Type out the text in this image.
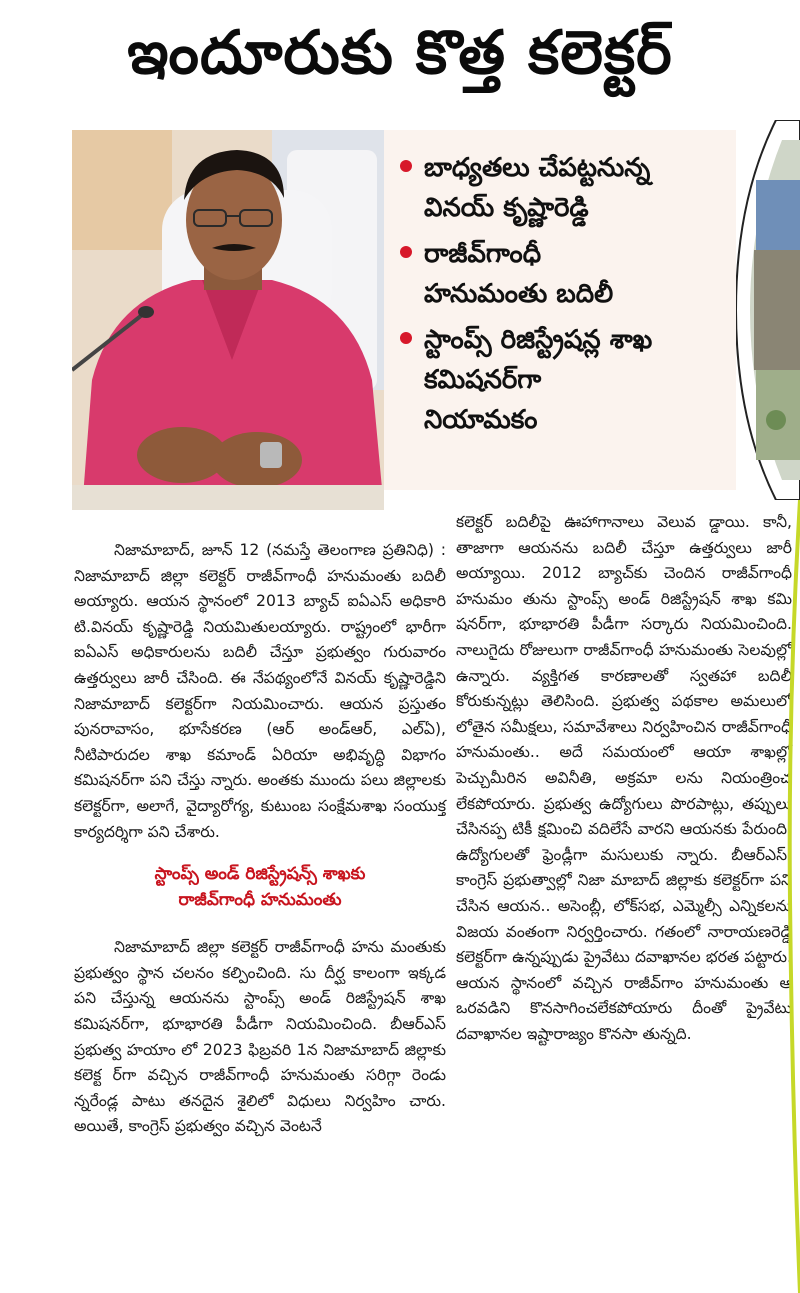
ఇందూరుకు కొత్త కలెక్టర్
బాధ్యతలు చేపట్టనున్న
వినయ్ కృష్ణారెడ్డి
రాజీవ్‌గాంధీ
హనుమంతు బదిలీ
స్టాంప్స్ రిజిస్ట్రేషన్ల శాఖ
కమిషనర్‌గా
నియామకం

నిజామాబాద్, జూన్ 12 (నమస్తే తెలంగాణ ప్రతినిధి) : నిజామాబాద్ జిల్లా కలెక్టర్ రాజీవ్‌గాంధీ హనుమంతు బదిలీ అయ్యారు. ఆయన స్థానంలో 2013 బ్యాచ్ ఐఏఎస్ అధికారి టి.వినయ్ కృష్ణారెడ్డి నియమితులయ్యారు. రాష్ట్రంలో భారీగా ఐఏఎస్ అధికారులను బదిలీ చేస్తూ ప్రభుత్వం గురువారం ఉత్తర్వులు జారీ చేసింది. ఈ నేపథ్యంలోనే వినయ్ కృష్ణారెడ్డిని నిజామాబాద్ కలెక్టర్‌గా నియమించారు. ఆయన ప్రస్తుతం పునరావాసం, భూసేకరణ (ఆర్ అండ్ఆర్, ఎల్ఏ), నీటిపారుదల శాఖ కమాండ్ ఏరియా అభివృద్ధి విభాగం కమిషనర్‌గా పని చేస్తు న్నారు. అంతకు ముందు పలు జిల్లాలకు కలెక్టర్‌గా, అలాగే, వైద్యారోగ్య, కుటుంబ సంక్షేమశాఖ సంయుక్త కార్యదర్శిగా పని చేశారు.

స్టాంప్స్ అండ్ రిజిస్ట్రేషన్స్ శాఖకు
రాజీవ్‌గాంధీ హనుమంతు

నిజామాబాద్ జిల్లా కలెక్టర్ రాజీవ్‌గాంధీ హను మంతుకు ప్రభుత్వం స్థాన చలనం కల్పించింది. సు దీర్ఘ కాలంగా ఇక్కడ పని చేస్తున్న ఆయనను స్టాంప్స్ అండ్ రిజిస్ట్రేషన్ శాఖ కమిషనర్‌గా, భూభారతి పీడీగా నియమించింది. బీఆర్ఎస్ ప్రభుత్వ హయాం లో 2023 ఫిబ్రవరి 1న నిజామాబాద్ జిల్లాకు కలెక్ట ర్‌గా వచ్చిన రాజీవ్‌గాంధీ హనుమంతు సరిగ్గా రెండు న్నరేండ్ల పాటు తనదైన శైలిలో విధులు నిర్వహిం చారు. అయితే, కాంగ్రెస్ ప్రభుత్వం వచ్చిన వెంటనే

కలెక్టర్ బదిలీపై ఊహాగానాలు వెలువ డ్డాయి. కానీ, తాజాగా ఆయనను బదిలీ చేస్తూ ఉత్తర్వులు జారీ అయ్యాయి. 2012 బ్యాచ్‌కు చెందిన రాజీవ్‌గాంధీ హనుమం తును స్టాంప్స్ అండ్ రిజిస్ట్రేషన్ శాఖ కమి షనర్‌గా, భూభారతి పీడీగా సర్కారు నియమించింది. నాలుగైదు రోజులుగా రాజీవ్‌గాంధీ హనుమంతు సెలవుల్లో ఉన్నారు. వ్యక్తిగత కారణాలతో స్వతహా బదిలీ కోరుకున్నట్లు తెలిసింది. ప్రభుత్వ పథకాల అమలులో లోతైన సమీక్షలు, సమావేశాలు నిర్వహించిన రాజీవ్‌గాంధీ హనుమంతు.. అదే సమయంలో ఆయా శాఖల్లో పెచ్చుమీరిన అవినీతి, అక్రమా లను నియంత్రించ లేకపోయారు. ప్రభుత్వ ఉద్యోగులు పొరపాట్లు, తప్పులు చేసినప్ప టికీ క్షమించి వదిలేసే వారని ఆయనకు పేరుంది. ఉద్యోగులతో ఫ్రెండ్లీగా మసులుకు న్నారు. బీఆర్ఎస్, కాంగ్రెస్ ప్రభుత్వాల్లో నిజా మాబాద్ జిల్లాకు కలెక్టర్‌గా పని చేసిన ఆయన.. అసెంబ్లీ, లోక్‌సభ, ఎమ్మెల్సీ ఎన్నికలను విజయ వంతంగా నిర్వర్తించారు. గతంలో నారాయణరెడ్డి కలెక్టర్‌గా ఉన్నప్పుడు ప్రైవేటు దవాఖానల భరత పట్టారు. ఆయన స్థానంలో వచ్చిన రాజీవ్‌గాం హనుమంతు ఆ ఒరవడిని కొనసాగించలేకపోయారు దీంతో ప్రైవేటు దవాఖానల ఇష్టారాజ్యం కొనసా తున్నది.
